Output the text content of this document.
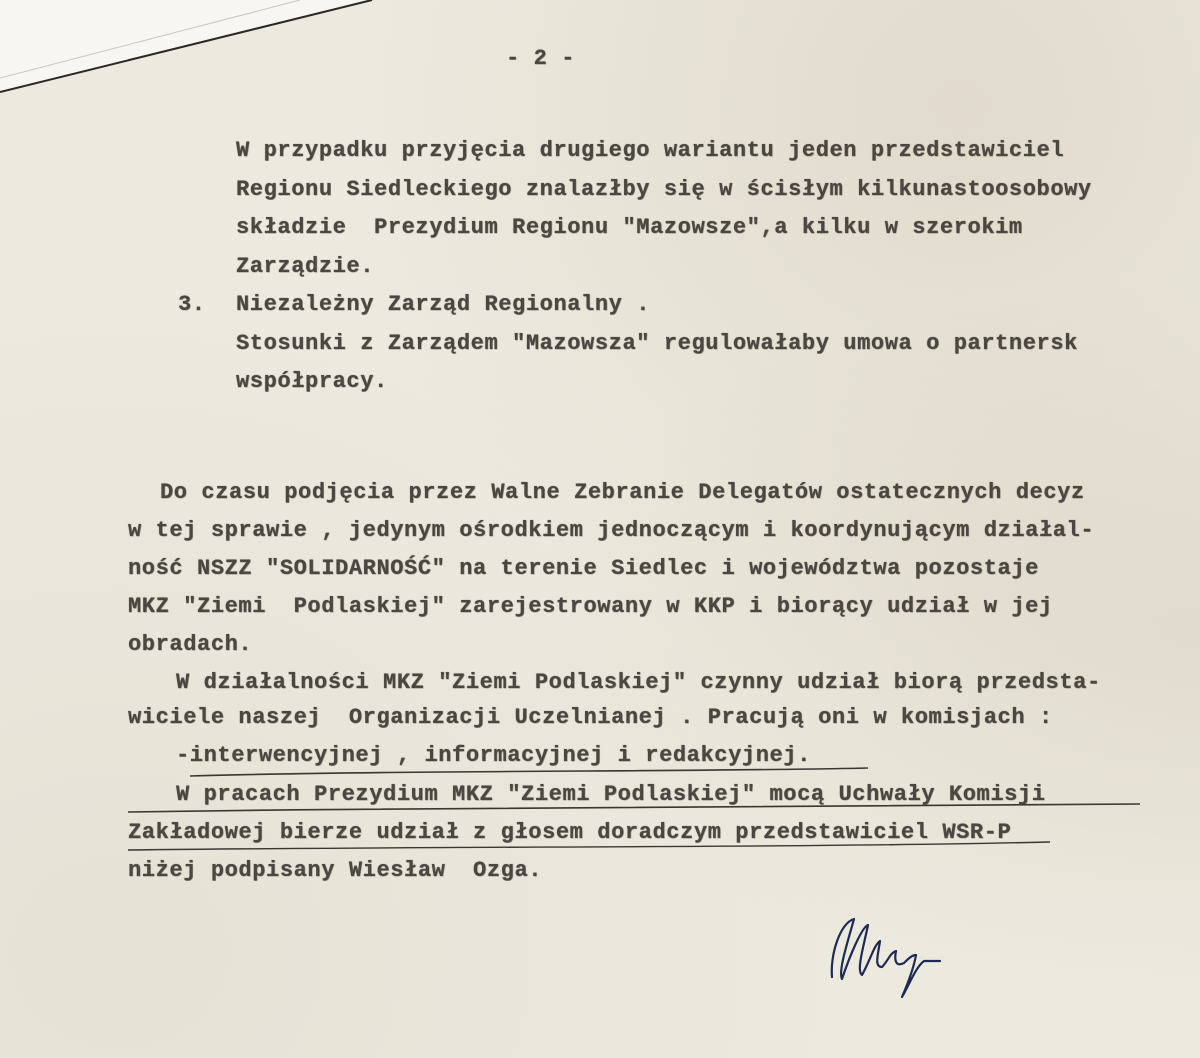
- 2 -
W przypadku przyjęcia drugiego wariantu jeden przedstawiciel
Regionu Siedleckiego znalazłby się w ścisłym kilkunastoosobowy
składzie  Prezydium Regionu "Mazowsze",a kilku w szerokim
Zarządzie.
3. Niezależny Zarząd Regionalny .
Stosunki z Zarządem "Mazowsza" regulowałaby umowa o partnersk
współpracy.
Do czasu podjęcia przez Walne Zebranie Delegatów ostatecznych decyz
w tej sprawie , jedynym ośrodkiem jednoczącym i koordynującym działal-
ność NSZZ "SOLIDARNOŚĆ" na terenie Siedlec i województwa pozostaje
MKZ "Ziemi  Podlaskiej" zarejestrowany w KKP i biorący udział w jej
obradach.
W działalności MKZ "Ziemi Podlaskiej" czynny udział biorą przedsta-
wiciele naszej  Organizacji Uczelnianej . Pracują oni w komisjach :
-interwencyjnej , informacyjnej i redakcyjnej.
W pracach Prezydium MKZ "Ziemi Podlaskiej" mocą Uchwały Komisji
Zakładowej bierze udział z głosem doradczym przedstawiciel WSR-P
niżej podpisany Wiesław  Ozga.
